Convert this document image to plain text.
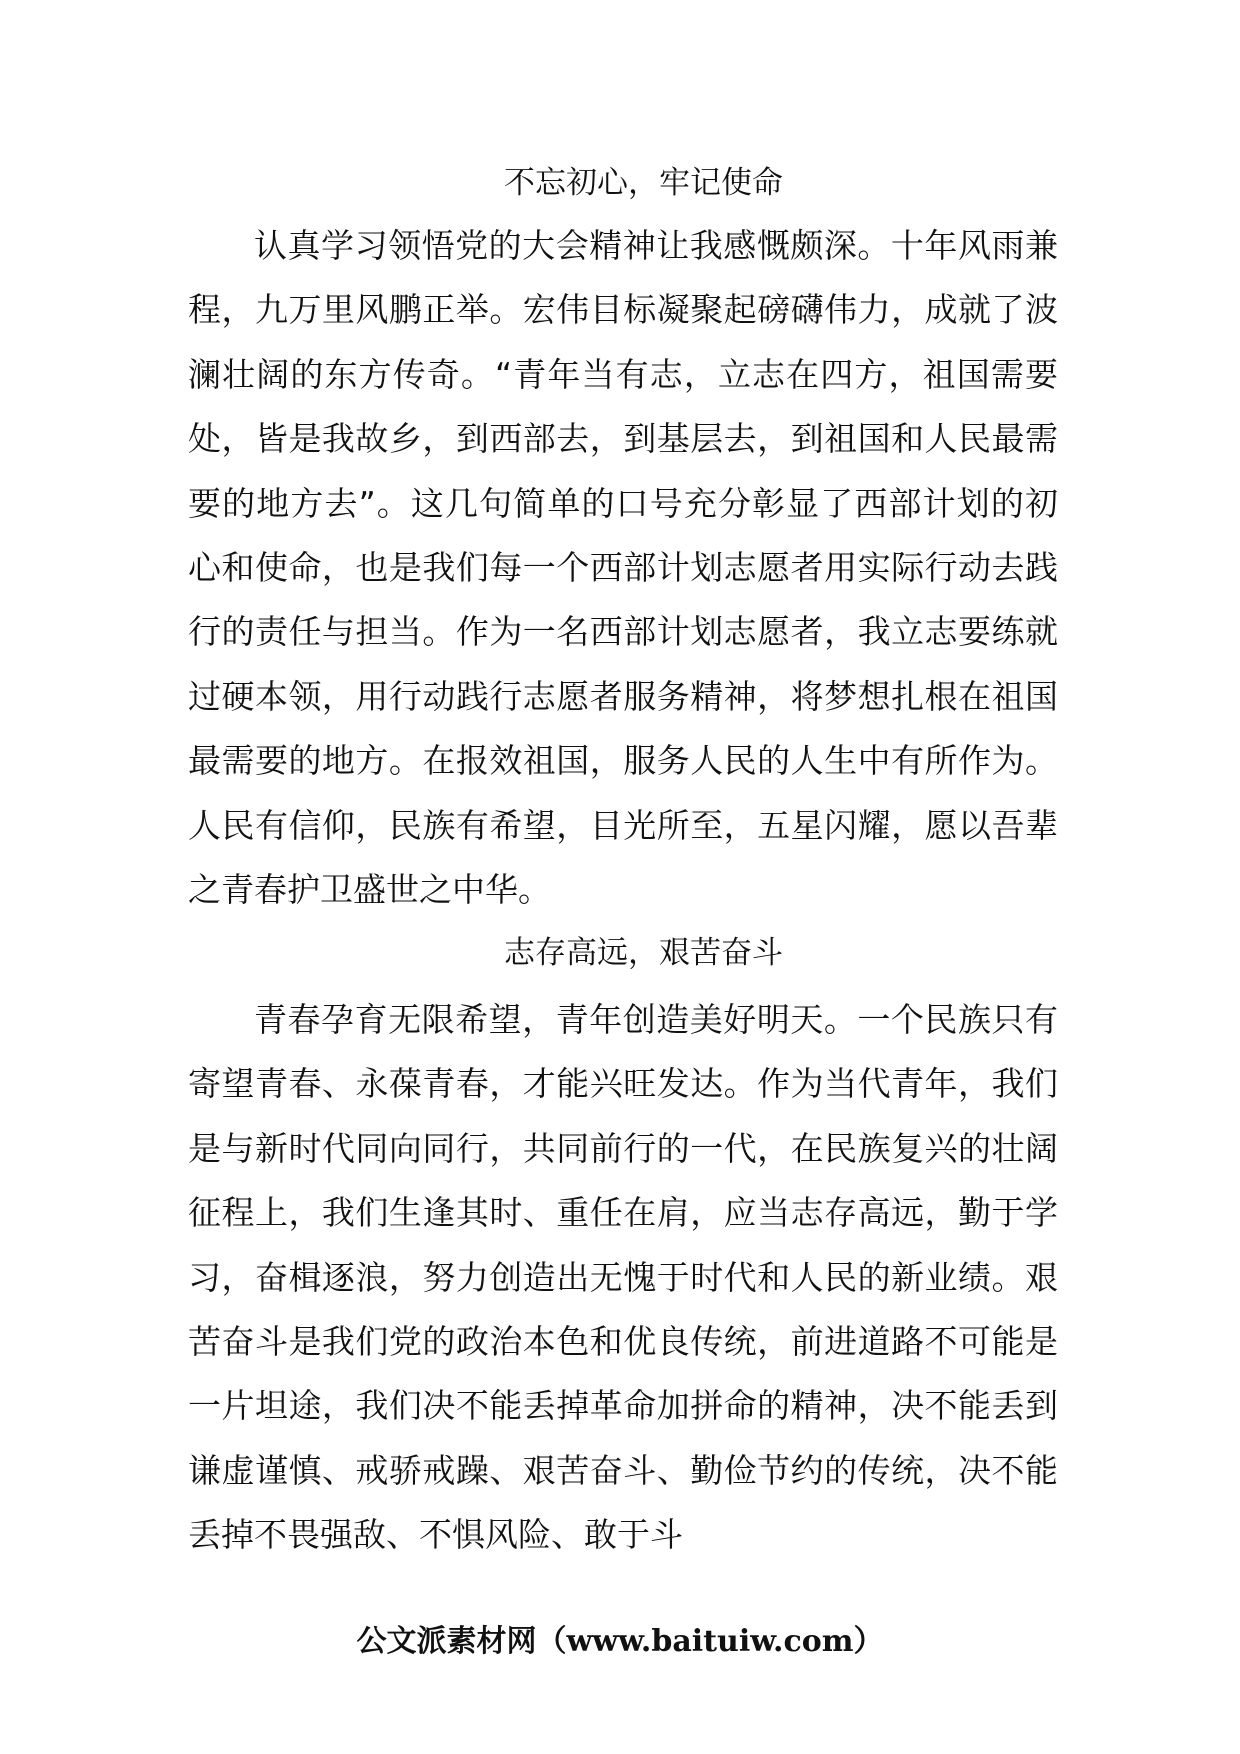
不忘初心，牢记使命

认真学习领悟党的大会精神让我感慨颇深。十年风雨兼程，九万里风鹏正举。宏伟目标凝聚起磅礴伟力，成就了波澜壮阔的东方传奇。“青年当有志，立志在四方，祖国需要处，皆是我故乡，到西部去，到基层去，到祖国和人民最需要的地方去”。这几句简单的口号充分彰显了西部计划的初心和使命，也是我们每一个西部计划志愿者用实际行动去践行的责任与担当。作为一名西部计划志愿者，我立志要练就过硬本领，用行动践行志愿者服务精神，将梦想扎根在祖国最需要的地方。在报效祖国，服务人民的人生中有所作为。人民有信仰，民族有希望，目光所至，五星闪耀，愿以吾辈之青春护卫盛世之中华。

志存高远，艰苦奋斗

青春孕育无限希望，青年创造美好明天。一个民族只有寄望青春、永葆青春，才能兴旺发达。作为当代青年，我们是与新时代同向同行，共同前行的一代，在民族复兴的壮阔征程上，我们生逢其时、重任在肩，应当志存高远，勤于学习，奋楫逐浪，努力创造出无愧于时代和人民的新业绩。艰苦奋斗是我们党的政治本色和优良传统，前进道路不可能是一片坦途，我们决不能丢掉革命加拼命的精神，决不能丢到谦虚谨慎、戒骄戒躁、艰苦奋斗、勤俭节约的传统，决不能丢掉不畏强敌、不惧风险、敢于斗

公文派素材网（www.baituiw.com）
